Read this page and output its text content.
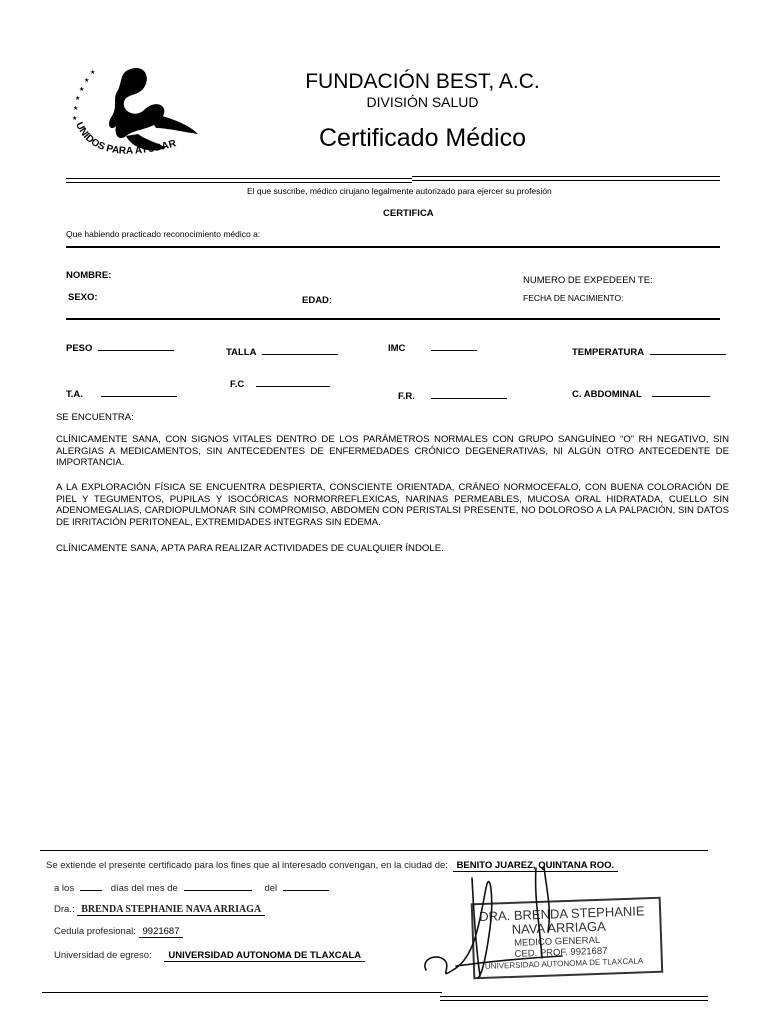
★
★
★
★
★
★
UNIDOS PARA AYUDAR
FUNDACIÓN BEST, A.C.
DIVISIÓN SALUD
Certificado Médico
El que suscribe, médico cirujano legalmente autorizado para ejercer su profesión
CERTIFICA
Que habiendo practicado reconocimiento médico a:
NOMBRE:	NUMERO DE EXPEDEEN TE:
SEXO:	EDAD:	FECHA DE NACIMIENTO:
PESO	TALLA	IMC	TEMPERATURA
F.C
T.A.	F.R.	C. ABDOMINAL
SE ENCUENTRA:
CLÍNICAMENTE SANA, CON SIGNOS VITALES DENTRO DE LOS PARÁMETROS NORMALES CON GRUPO SANGUÍNEO “O” RH NEGATIVO, SIN ALERGIAS A MEDICAMENTOS, SIN ANTECEDENTES DE ENFERMEDADES CRÓNICO DEGENERATIVAS, NI ALGÚN OTRO ANTECEDENTE DE IMPORTANCIA.
A LA EXPLORACIÓN FÍSICA SE ENCUENTRA DESPIERTA, CONSCIENTE ORIENTADA, CRÁNEO NORMOCEFALO, CON BUENA COLORACIÓN DE PIEL Y TEGUMENTOS, PUPILAS Y ISOCÓRICAS NORMORREFLEXICAS, NARINAS PERMEABLES, MUCOSA ORAL HIDRATADA, CUELLO SIN ADENOMEGALIAS, CARDIOPULMONAR SIN COMPROMISO, ABDOMEN CON PERISTALSI PRESENTE, NO DOLOROSO A LA PALPACIÓN, SIN DATOS DE IRRITACIÓN PERITONEAL, EXTREMIDADES INTEGRAS SIN EDEMA.
CLÍNICAMENTE SANA, APTA PARA REALIZAR ACTIVIDADES DE CUALQUIER ÍNDOLE.
Se extiende el presente certificado para los fines que al interesado convengan, en la ciudad de: BENITO JUAREZ, QUINTANA ROO.
a los	días del mes de	del
Dra.: BRENDA STEPHANIE NAVA ARRIAGA
Cedula profesional: 9921687
Universidad de egreso: UNIVERSIDAD AUTONOMA DE TLAXCALA
DRA. BRENDA STEPHANIE
NAVA ARRIAGA
MEDICO GENERAL
CED. PROF. 9921687
UNIVERSIDAD AUTONOMA DE TLAXCALA
